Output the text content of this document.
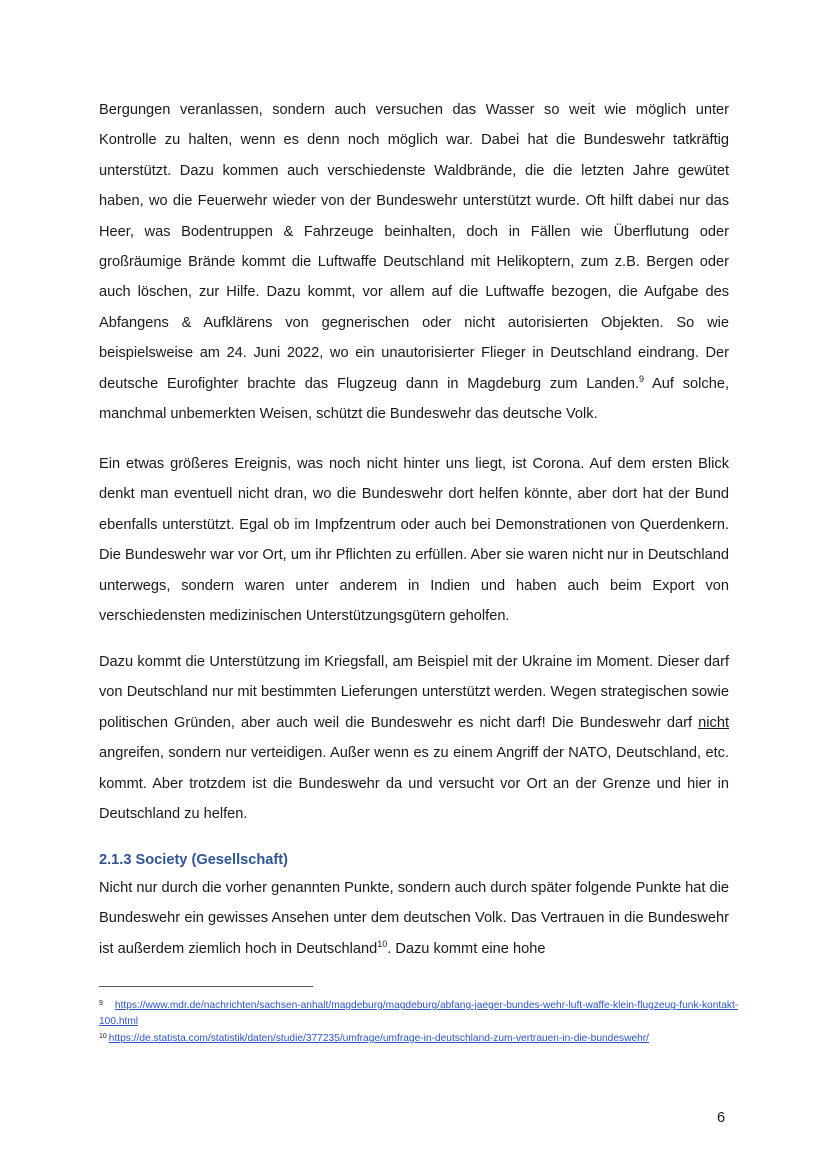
Bergungen veranlassen, sondern auch versuchen das Wasser so weit wie möglich unter Kontrolle zu halten, wenn es denn noch möglich war. Dabei hat die Bundeswehr tatkräftig unterstützt. Dazu kommen auch verschiedenste Waldbrände, die die letzten Jahre gewütet haben, wo die Feuerwehr wieder von der Bundeswehr unterstützt wurde. Oft hilft dabei nur das Heer, was Bodentruppen & Fahrzeuge beinhalten, doch in Fällen wie Überflutung oder großräumige Brände kommt die Luftwaffe Deutschland mit Helikoptern, zum z.B. Bergen oder auch löschen, zur Hilfe. Dazu kommt, vor allem auf die Luftwaffe bezogen, die Aufgabe des Abfangens & Aufklärens von gegnerischen oder nicht autorisierten Objekten. So wie beispielsweise am 24. Juni 2022, wo ein unautorisierter Flieger in Deutschland eindrang. Der deutsche Eurofighter brachte das Flugzeug dann in Magdeburg zum Landen.$^9$ Auf solche, manchmal unbemerkten Weisen, schützt die Bundeswehr das deutsche Volk.

Ein etwas größeres Ereignis, was noch nicht hinter uns liegt, ist Corona. Auf dem ersten Blick denkt man eventuell nicht dran, wo die Bundeswehr dort helfen könnte, aber dort hat der Bund ebenfalls unterstützt. Egal ob im Impfzentrum oder auch bei Demonstrationen von Querdenkern. Die Bundeswehr war vor Ort, um ihr Pflichten zu erfüllen. Aber sie waren nicht nur in Deutschland unterwegs, sondern waren unter anderem in Indien und haben auch beim Export von verschiedensten medizinischen Unterstützungsgütern geholfen.

Dazu kommt die Unterstützung im Kriegsfall, am Beispiel mit der Ukraine im Moment. Dieser darf von Deutschland nur mit bestimmten Lieferungen unterstützt werden. Wegen strategischen sowie politischen Gründen, aber auch weil die Bundeswehr es nicht darf! Die Bundeswehr darf nicht angreifen, sondern nur verteidigen. Außer wenn es zu einem Angriff der NATO, Deutschland, etc. kommt. Aber trotzdem ist die Bundeswehr da und versucht vor Ort an der Grenze und hier in Deutschland zu helfen.

2.1.3 Society (Gesellschaft)

Nicht nur durch die vorher genannten Punkte, sondern auch durch später folgende Punkte hat die Bundeswehr ein gewisses Ansehen unter dem deutschen Volk. Das Vertrauen in die Bundeswehr ist außerdem ziemlich hoch in Deutschland$^{10}$. Dazu kommt eine hohe

$^9$ https://www.mdr.de/nachrichten/sachsen-anhalt/magdeburg/magdeburg/abfang-jaeger-bundes-wehr-luft-waffe-klein-flugzeug-funk-kontakt-100.html
$^{10}$ https://de.statista.com/statistik/daten/studie/377235/umfrage/umfrage-in-deutschland-zum-vertrauen-in-die-bundeswehr/

6
